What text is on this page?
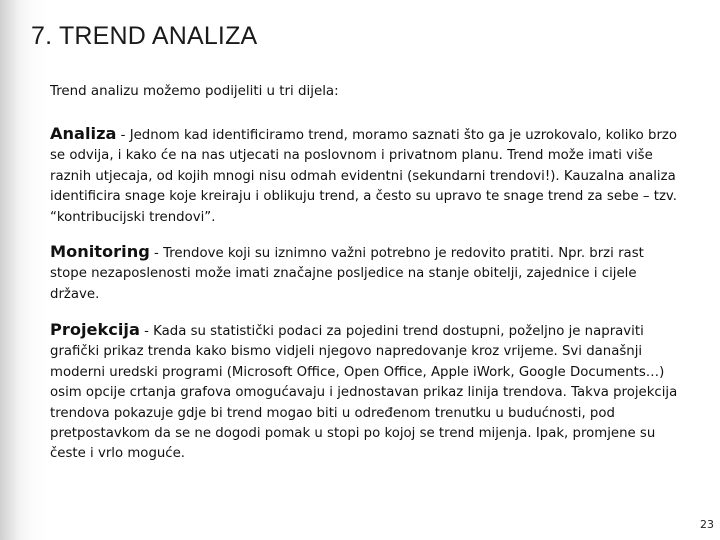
7. TREND ANALIZA
Trend analizu možemo podijeliti u tri dijela:
Analiza - Jednom kad identificiramo trend, moramo saznati što ga je uzrokovalo, koliko brzo se odvija, i kako će na nas utjecati na poslovnom i privatnom planu. Trend može imati više raznih utjecaja, od kojih mnogi nisu odmah evidentni (sekundarni trendovi!). Kauzalna analiza identificira snage koje kreiraju i oblikuju trend, a često su upravo te snage trend za sebe – tzv. “kontribucijski trendovi”.
Monitoring - Trendove koji su iznimno važni potrebno je redovito pratiti. Npr. brzi rast stope nezaposlenosti može imati značajne posljedice na stanje obitelji, zajednice i cijele države.
Projekcija - Kada su statistički podaci za pojedini trend dostupni, poželjno je napraviti grafički prikaz trenda kako bismo vidjeli njegovo napredovanje kroz vrijeme. Svi današnji moderni uredski programi (Microsoft Office, Open Office, Apple iWork, Google Documents…) osim opcije crtanja grafova omogućavaju i jednostavan prikaz linija trendova. Takva projekcija trendova pokazuje gdje bi trend mogao biti u određenom trenutku u budućnosti, pod pretpostavkom da se ne dogodi pomak u stopi po kojoj se trend mijenja. Ipak, promjene su česte i vrlo moguće.
23
